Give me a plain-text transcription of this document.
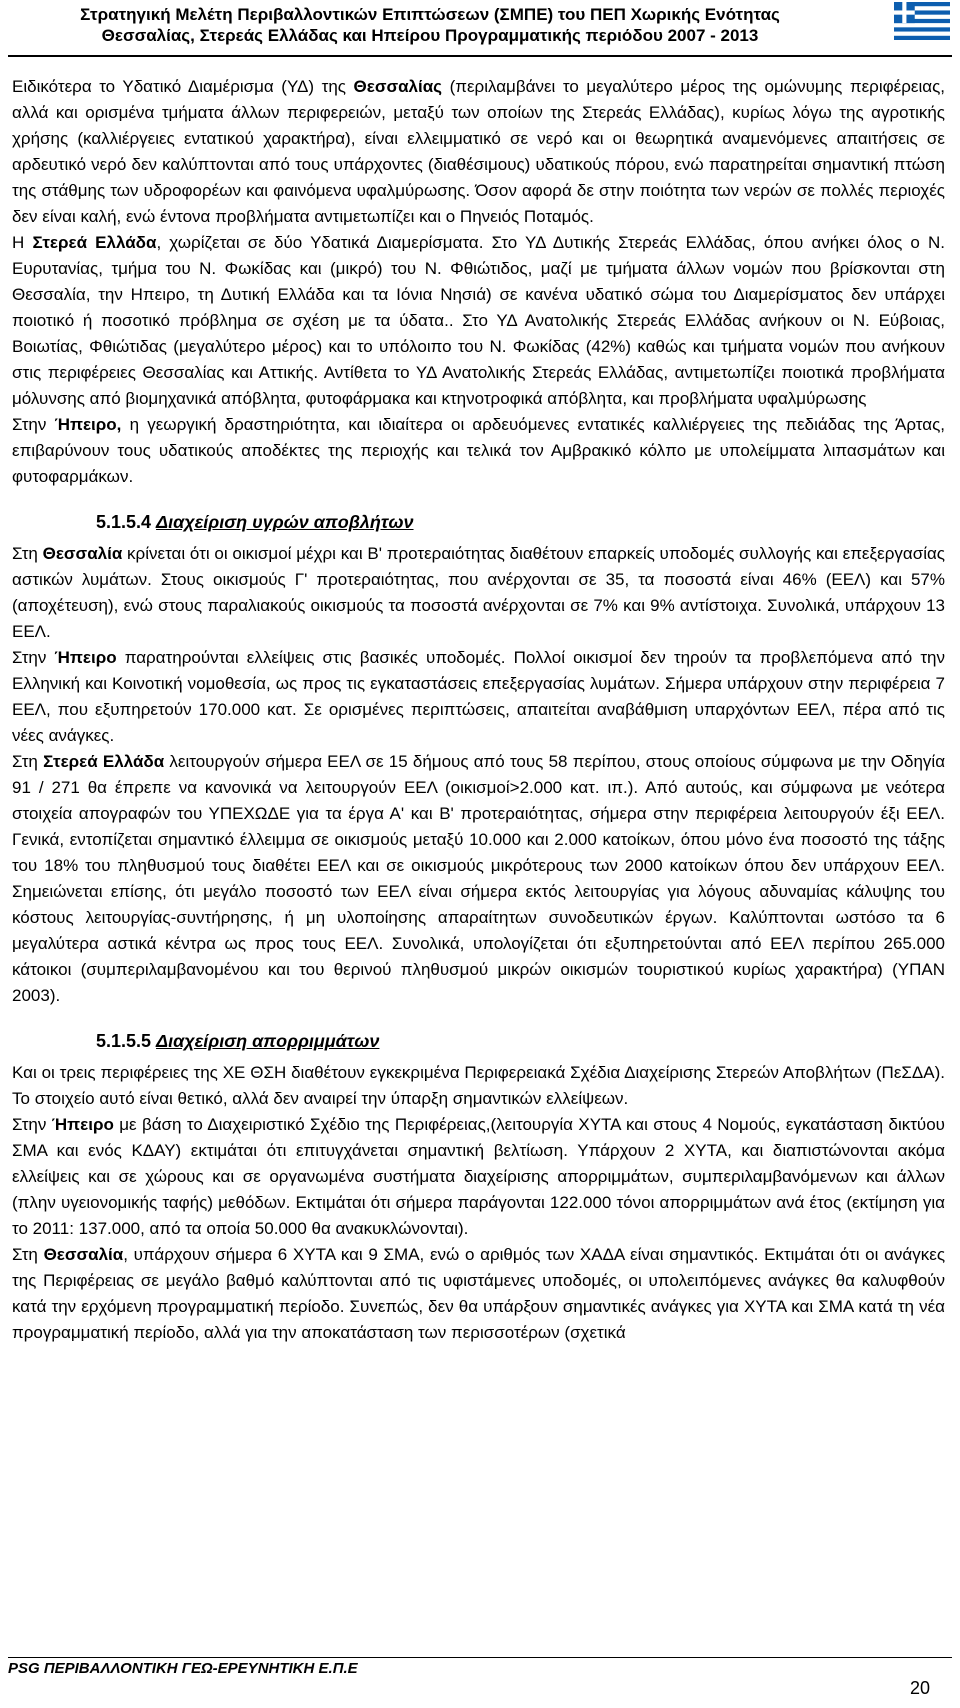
Στρατηγική Μελέτη Περιβαλλοντικών Επιπτώσεων (ΣΜΠΕ) του ΠΕΠ Χωρικής Ενότητας
Θεσσαλίας, Στερεάς Ελλάδας και Ηπείρου Προγραμματικής περιόδου 2007 - 2013

Ειδικότερα το Υδατικό Διαμέρισμα (ΥΔ) της Θεσσαλίας (περιλαμβάνει το μεγαλύτερο μέρος της ομώνυμης περιφέρειας, αλλά και ορισμένα τμήματα άλλων περιφερειών, μεταξύ των οποίων της Στερεάς Ελλάδας), κυρίως λόγω της αγροτικής χρήσης (καλλιέργειες εντατικού χαρακτήρα), είναι ελλειμματικό σε νερό και οι θεωρητικά αναμενόμενες απαιτήσεις σε αρδευτικό νερό δεν καλύπτονται από τους υπάρχοντες (διαθέσιμους) υδατικούς πόρου, ενώ παρατηρείται σημαντική πτώση της στάθμης των υδροφορέων και φαινόμενα υφαλμύρωσης. Όσον αφορά δε στην ποιότητα των νερών σε πολλές περιοχές δεν είναι καλή, ενώ έντονα προβλήματα αντιμετωπίζει και ο Πηνειός Ποταμός.

Η Στερεά Ελλάδα, χωρίζεται σε δύο Υδατικά Διαμερίσματα. Στο ΥΔ Δυτικής Στερεάς Ελλάδας, όπου ανήκει όλος ο Ν. Ευρυτανίας, τμήμα του Ν. Φωκίδας και (μικρό) του Ν. Φθιώτιδος, μαζί με τμήματα άλλων νομών που βρίσκονται στη Θεσσαλία, την Ηπειρο, τη Δυτική Ελλάδα και τα Ιόνια Νησιά) σε κανένα υδατικό σώμα του Διαμερίσματος δεν υπάρχει ποιοτικό ή ποσοτικό πρόβλημα σε σχέση με τα ύδατα.. Στο ΥΔ Ανατολικής Στερεάς Ελλάδας ανήκουν οι Ν. Εύβοιας, Βοιωτίας, Φθιώτιδας (μεγαλύτερο μέρος) και το υπόλοιπο του Ν. Φωκίδας (42%) καθώς και τμήματα νομών που ανήκουν στις περιφέρειες Θεσσαλίας και Αττικής. Αντίθετα το ΥΔ Ανατολικής Στερεάς Ελλάδας, αντιμετωπίζει ποιοτικά προβλήματα μόλυνσης από βιομηχανικά απόβλητα, φυτοφάρμακα και κτηνοτροφικά απόβλητα, και προβλήματα υφαλμύρωσης

Στην Ήπειρο, η γεωργική δραστηριότητα, και ιδιαίτερα οι αρδευόμενες εντατικές καλλιέργειες της πεδιάδας της Άρτας, επιβαρύνουν τους υδατικούς αποδέκτες της περιοχής και τελικά τον Αμβρακικό κόλπο με υπολείμματα λιπασμάτων και φυτοφαρμάκων.

5.1.5.4 Διαχείριση υγρών αποβλήτων

Στη Θεσσαλία κρίνεται ότι οι οικισμοί μέχρι και Β' προτεραιότητας διαθέτουν επαρκείς υποδομές συλλογής και επεξεργασίας αστικών λυμάτων. Στους οικισμούς Γ' προτεραιότητας, που ανέρχονται σε 35, τα ποσοστά είναι 46% (ΕΕΛ) και 57% (αποχέτευση), ενώ στους παραλιακούς οικισμούς τα ποσοστά ανέρχονται σε 7% και 9% αντίστοιχα. Συνολικά, υπάρχουν 13 ΕΕΛ.

Στην Ήπειρο παρατηρούνται ελλείψεις στις βασικές υποδομές. Πολλοί οικισμοί δεν τηρούν τα προβλεπόμενα από την Ελληνική και Κοινοτική νομοθεσία, ως προς τις εγκαταστάσεις επεξεργασίας λυμάτων. Σήμερα υπάρχουν στην περιφέρεια 7 ΕΕΛ, που εξυπηρετούν 170.000 κατ. Σε ορισμένες περιπτώσεις, απαιτείται αναβάθμιση υπαρχόντων ΕΕΛ, πέρα από τις νέες ανάγκες.

Στη Στερεά Ελλάδα λειτουργούν σήμερα ΕΕΛ σε 15 δήμους από τους 58 περίπου, στους οποίους σύμφωνα με την Οδηγία 91 / 271 θα έπρεπε να κανονικά να λειτουργούν ΕΕΛ (οικισμοί>2.000 κατ. ιπ.). Από αυτούς, και σύμφωνα με νεότερα στοιχεία απογραφών του ΥΠΕΧΩΔΕ για τα έργα Α' και Β' προτεραιότητας, σήμερα στην περιφέρεια λειτουργούν έξι ΕΕΛ. Γενικά, εντοπίζεται σημαντικό έλλειμμα σε οικισμούς μεταξύ 10.000 και 2.000 κατοίκων, όπου μόνο ένα ποσοστό της τάξης του 18% του πληθυσμού τους διαθέτει ΕΕΛ και σε οικισμούς μικρότερους των 2000 κατοίκων όπου δεν υπάρχουν ΕΕΛ. Σημειώνεται επίσης, ότι μεγάλο ποσοστό των ΕΕΛ είναι σήμερα εκτός λειτουργίας για λόγους αδυναμίας κάλυψης του κόστους λειτουργίας-συντήρησης, ή μη υλοποίησης απαραίτητων συνοδευτικών έργων. Καλύπτονται ωστόσο τα 6 μεγαλύτερα αστικά κέντρα ως προς τους ΕΕΛ. Συνολικά, υπολογίζεται ότι εξυπηρετούνται από ΕΕΛ περίπου 265.000 κάτοικοι (συμπεριλαμβανομένου και του θερινού πληθυσμού μικρών οικισμών τουριστικού κυρίως χαρακτήρα) (ΥΠΑΝ 2003).

5.1.5.5 Διαχείριση απορριμμάτων

Και οι τρεις περιφέρειες της ΧΕ ΘΣΗ διαθέτουν εγκεκριμένα Περιφερειακά Σχέδια Διαχείρισης Στερεών Αποβλήτων (ΠεΣΔΑ). Το στοιχείο αυτό είναι θετικό, αλλά δεν αναιρεί την ύπαρξη σημαντικών ελλείψεων.

Στην Ήπειρο με βάση το Διαχειριστικό Σχέδιο της Περιφέρειας,(λειτουργία ΧΥΤΑ και στους 4 Νομούς, εγκατάσταση δικτύου ΣΜΑ και ενός ΚΔΑΥ) εκτιμάται ότι επιτυγχάνεται σημαντική βελτίωση. Υπάρχουν 2 ΧΥΤΑ, και διαπιστώνονται ακόμα ελλείψεις και σε χώρους και σε οργανωμένα συστήματα διαχείρισης απορριμμάτων, συμπεριλαμβανόμενων και άλλων (πλην υγειονομικής ταφής) μεθόδων. Εκτιμάται ότι σήμερα παράγονται 122.000 τόνοι απορριμμάτων ανά έτος (εκτίμηση για το 2011: 137.000, από τα οποία 50.000 θα ανακυκλώνονται).

Στη Θεσσαλία, υπάρχουν σήμερα 6 ΧΥΤΑ και 9 ΣΜΑ, ενώ ο αριθμός των ΧΑΔΑ είναι σημαντικός. Εκτιμάται ότι οι ανάγκες της Περιφέρειας σε μεγάλο βαθμό καλύπτονται από τις υφιστάμενες υποδομές, οι υπολειπόμενες ανάγκες θα καλυφθούν κατά την ερχόμενη προγραμματική περίοδο. Συνεπώς, δεν θα υπάρξουν σημαντικές ανάγκες για ΧΥΤΑ και ΣΜΑ κατά τη νέα προγραμματική περίοδο, αλλά για την αποκατάσταση των περισσοτέρων (σχετικά

PSG ΠΕΡΙΒΑΛΛΟΝΤΙΚΗ ΓΕΩ-ΕΡΕΥΝΗΤΙΚΗ Ε.Π.Ε
20
